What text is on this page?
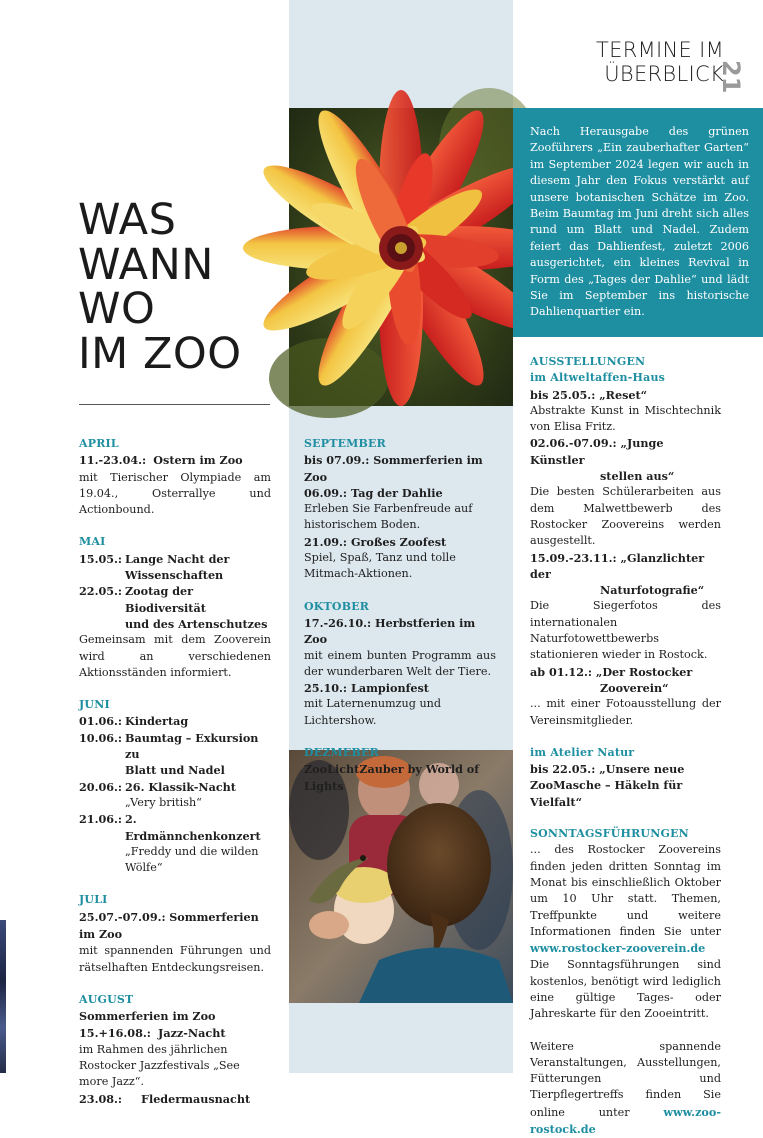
TERMINE IM ÜBERBLICK
21
WAS
WANN
WO
IM ZOO
Nach Herausgabe des grünen Zooführers „Ein zauberhafter Garten“ im September 2024 legen wir auch in diesem Jahr den Fokus verstärkt auf unsere botanischen Schätze im Zoo. Beim Baumtag im Juni dreht sich alles rund um Blatt und Nadel. Zudem feiert das Dahlienfest, zuletzt 2006 ausgerichtet, ein kleines Revival in Form des „Tages der Dahlie“ und lädt Sie im September ins historische Dahlienquartier ein.
APRIL
11.-23.04.: Ostern im Zoo
mit Tierischer Olympiade am 19.04., Osterrallye und Actionbound.
MAI
15.05.: Lange Nacht der
Wissenschaften
22.05.: Zootag der Biodiversität
und des Artenschutzes
Gemeinsam mit dem Zooverein wird an verschiedenen Aktionsständen informiert.
JUNI
01.06.: Kindertag
10.06.: Baumtag – Exkursion zu
Blatt und Nadel
20.06.: 26. Klassik-Nacht
„Very british“
21.06.: 2. Erdmännchenkonzert
„Freddy und die wilden
Wölfe“
JULI
25.07.-07.09.: Sommerferien im Zoo
mit spannenden Führungen und rätselhaften Entdeckungsreisen.
AUGUST
Sommerferien im Zoo
15.+16.08.: Jazz-Nacht
im Rahmen des jährlichen Rostocker Jazzfestivals „See more Jazz“.
23.08.:	Fledermausnacht
SEPTEMBER
bis 07.09.: Sommerferien im Zoo
06.09.: Tag der Dahlie
Erleben Sie Farbenfreude auf historischem Boden.
21.09.: Großes Zoofest
Spiel, Spaß, Tanz und tolle Mitmach-Aktionen.
OKTOBER
17.-26.10.: Herbstferien im Zoo
mit einem bunten Programm aus der wunderbaren Welt der Tiere.
25.10.: Lampionfest
mit Laternenumzug und Lichtershow.
DEZMEBER
ZooLichtZauber by World of Lights
AUSSTELLUNGEN
im Altweltaffen-Haus
bis 25.05.: „Reset“
Abstrakte Kunst in Mischtechnik von Elisa Fritz.
02.06.-07.09.: „Junge Künstler
stellen aus“
Die besten Schülerarbeiten aus dem Malwettbewerb des Rostocker Zoovereins werden ausgestellt.
15.09.-23.11.: „Glanzlichter der
Naturfotografie“
Die Siegerfotos des internationalen Naturfotowettbewerbs stationieren wieder in Rostock.
ab 01.12.: „Der Rostocker
Zooverein“
... mit einer Fotoausstellung der Vereinsmitglieder.
im Atelier Natur
bis 22.05.: „Unsere neue ZooMasche – Häkeln für Vielfalt“
SONNTAGSFÜHRUNGEN
... des Rostocker Zoovereins finden jeden dritten Sonntag im Monat bis einschließlich Oktober um 10 Uhr statt. Themen, Treffpunkte und weitere Informationen finden Sie unter www.rostocker-zooverein.de
Die Sonntagsführungen sind kostenlos, benötigt wird lediglich eine gültige Tages- oder Jahreskarte für den Zooeintritt.
Weitere spannende Veranstaltungen, Ausstellungen, Fütterungen und Tierpflegertreffs finden Sie online unter	www.zoo-rostock.de
